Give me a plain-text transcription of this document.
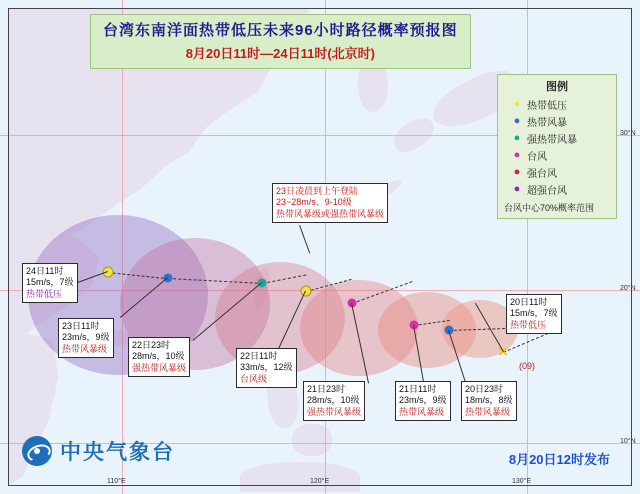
110°E	120°E	130°E
30°N
20°N
10°N
✕
(09)
24日11时
15m/s，7级
热带低压
23日11时
23m/s，9级
热带风暴级	22日23时
28m/s，10级
强热带风暴级
22日11时
33m/s，12级
台风级
21日23时
28m/s，10级
强热带风暴级
21日11时
23m/s，9级
热带风暴级
20日23时
18m/s，8级
热带风暴级
20日11时
15m/s，7级
热带低压
23日凌晨到上午登陆
23~28m/s、9-10级
热带风暴级或强热带风暴级
图例
● 热带低压
● 热带风暴
● 强热带风暴
● 台风
● 强台风
● 超强台风
台风中心70%概率范围
台湾东南洋面热带低压未来96小时路径概率预报图
8月20日11时—24日11时(北京时)
中央气象台	8月20日12时发布
